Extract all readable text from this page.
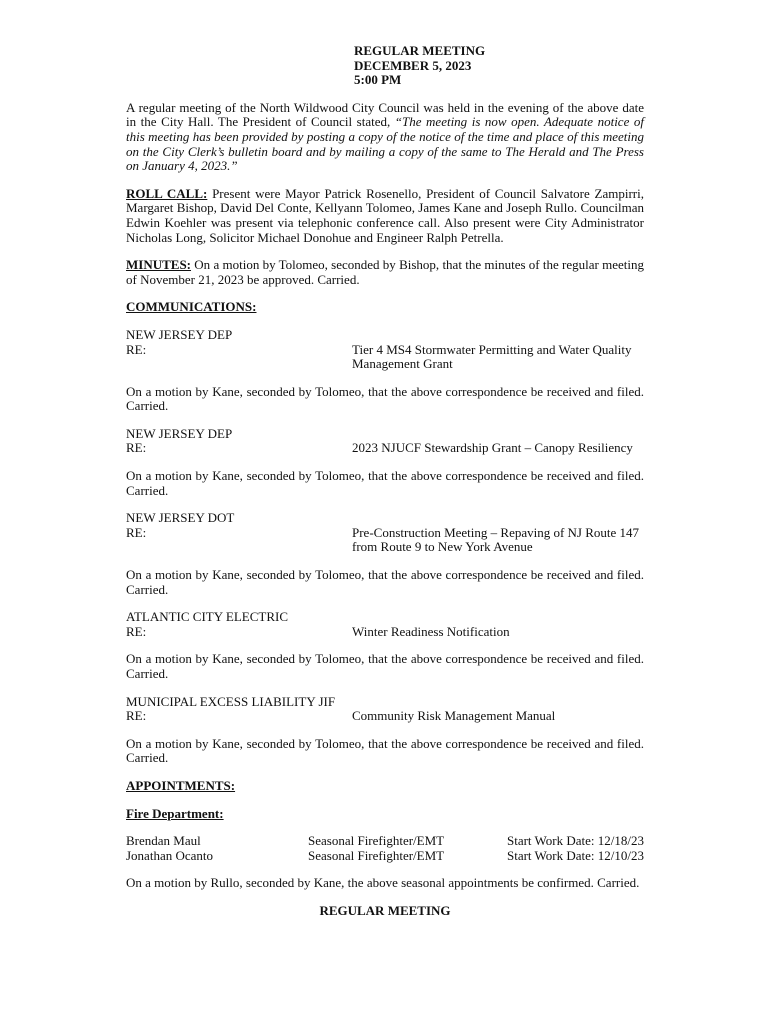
REGULAR MEETING
DECEMBER 5, 2023
5:00 PM

A regular meeting of the North Wildwood City Council was held in the evening of the above date in the City Hall. The President of Council stated, “The meeting is now open. Adequate notice of this meeting has been provided by posting a copy of the notice of the time and place of this meeting on the City Clerk’s bulletin board and by mailing a copy of the same to The Herald and The Press on January 4, 2023.”

ROLL CALL: Present were Mayor Patrick Rosenello, President of Council Salvatore Zampirri, Margaret Bishop, David Del Conte, Kellyann Tolomeo, James Kane and Joseph Rullo. Councilman Edwin Koehler was present via telephonic conference call. Also present were City Administrator Nicholas Long, Solicitor Michael Donohue and Engineer Ralph Petrella.

MINUTES: On a motion by Tolomeo, seconded by Bishop, that the minutes of the regular meeting of November 21, 2023 be approved. Carried.

COMMUNICATIONS:

NEW JERSEY DEP
RE:	Tier 4 MS4 Stormwater Permitting and Water Quality Management Grant

On a motion by Kane, seconded by Tolomeo, that the above correspondence be received and filed. Carried.

NEW JERSEY DEP
RE:	2023 NJUCF Stewardship Grant – Canopy Resiliency

On a motion by Kane, seconded by Tolomeo, that the above correspondence be received and filed. Carried.

NEW JERSEY DOT
RE:	Pre-Construction Meeting – Repaving of NJ Route 147 from Route 9 to New York Avenue

On a motion by Kane, seconded by Tolomeo, that the above correspondence be received and filed. Carried.

ATLANTIC CITY ELECTRIC
RE:	Winter Readiness Notification

On a motion by Kane, seconded by Tolomeo, that the above correspondence be received and filed. Carried.

MUNICIPAL EXCESS LIABILITY JIF
RE:	Community Risk Management Manual

On a motion by Kane, seconded by Tolomeo, that the above correspondence be received and filed. Carried.

APPOINTMENTS:

Fire Department:

Brendan Maul	Seasonal Firefighter/EMT	Start Work Date: 12/18/23
Jonathan Ocanto	Seasonal Firefighter/EMT	Start Work Date: 12/10/23

On a motion by Rullo, seconded by Kane, the above seasonal appointments be confirmed. Carried.

REGULAR MEETING
